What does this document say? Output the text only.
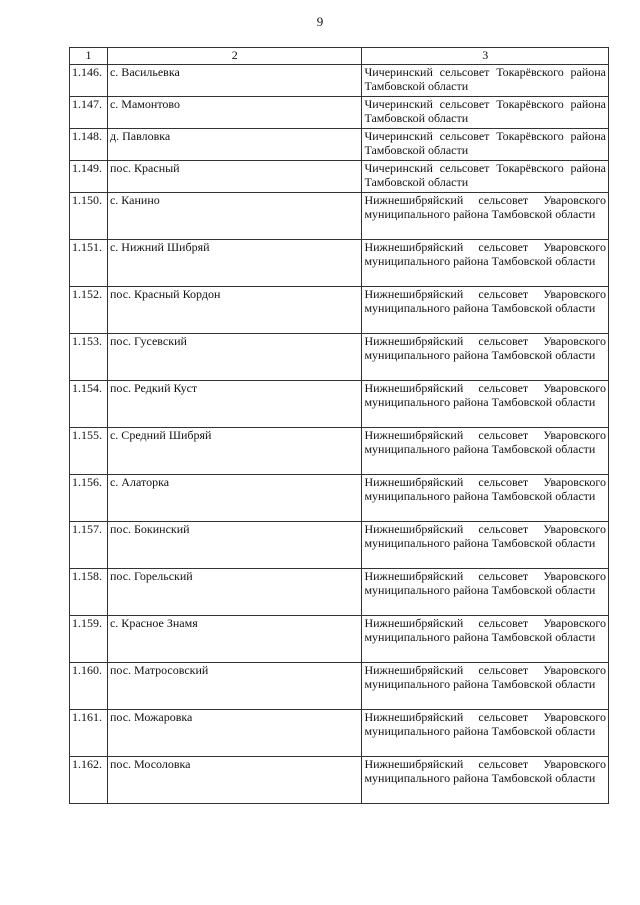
9
1	2	3
1.146.	с. Васильевка	Чичеринский сельсовет Токарёвского района Тамбовской области
1.147.	с. Мамонтово	Чичеринский сельсовет Токарёвского района Тамбовской области
1.148.	д. Павловка	Чичеринский сельсовет Токарёвского района Тамбовской области
1.149.	пос. Красный	Чичеринский сельсовет Токарёвского района Тамбовской области
1.150.	с. Канино	Нижнешибряйский сельсовет Уваровского муниципального района Тамбовской области
1.151.	с. Нижний Шибряй	Нижнешибряйский сельсовет Уваровского муниципального района Тамбовской области
1.152.	пос. Красный Кордон	Нижнешибряйский сельсовет Уваровского муниципального района Тамбовской области
1.153.	пос. Гусевский	Нижнешибряйский сельсовет Уваровского муниципального района Тамбовской области
1.154.	пос. Редкий Куст	Нижнешибряйский сельсовет Уваровского муниципального района Тамбовской области
1.155.	с. Средний Шибряй	Нижнешибряйский сельсовет Уваровского муниципального района Тамбовской области
1.156.	с. Алаторка	Нижнешибряйский сельсовет Уваровского муниципального района Тамбовской области
1.157.	пос. Бокинский	Нижнешибряйский сельсовет Уваровского муниципального района Тамбовской области
1.158.	пос. Горельский	Нижнешибряйский сельсовет Уваровского муниципального района Тамбовской области
1.159.	с. Красное Знамя	Нижнешибряйский сельсовет Уваровского муниципального района Тамбовской области
1.160.	пос. Матросовский	Нижнешибряйский сельсовет Уваровского муниципального района Тамбовской области
1.161.	пос. Можаровка	Нижнешибряйский сельсовет Уваровского муниципального района Тамбовской области
1.162.	пос. Мосоловка	Нижнешибряйский сельсовет Уваровского муниципального района Тамбовской области
